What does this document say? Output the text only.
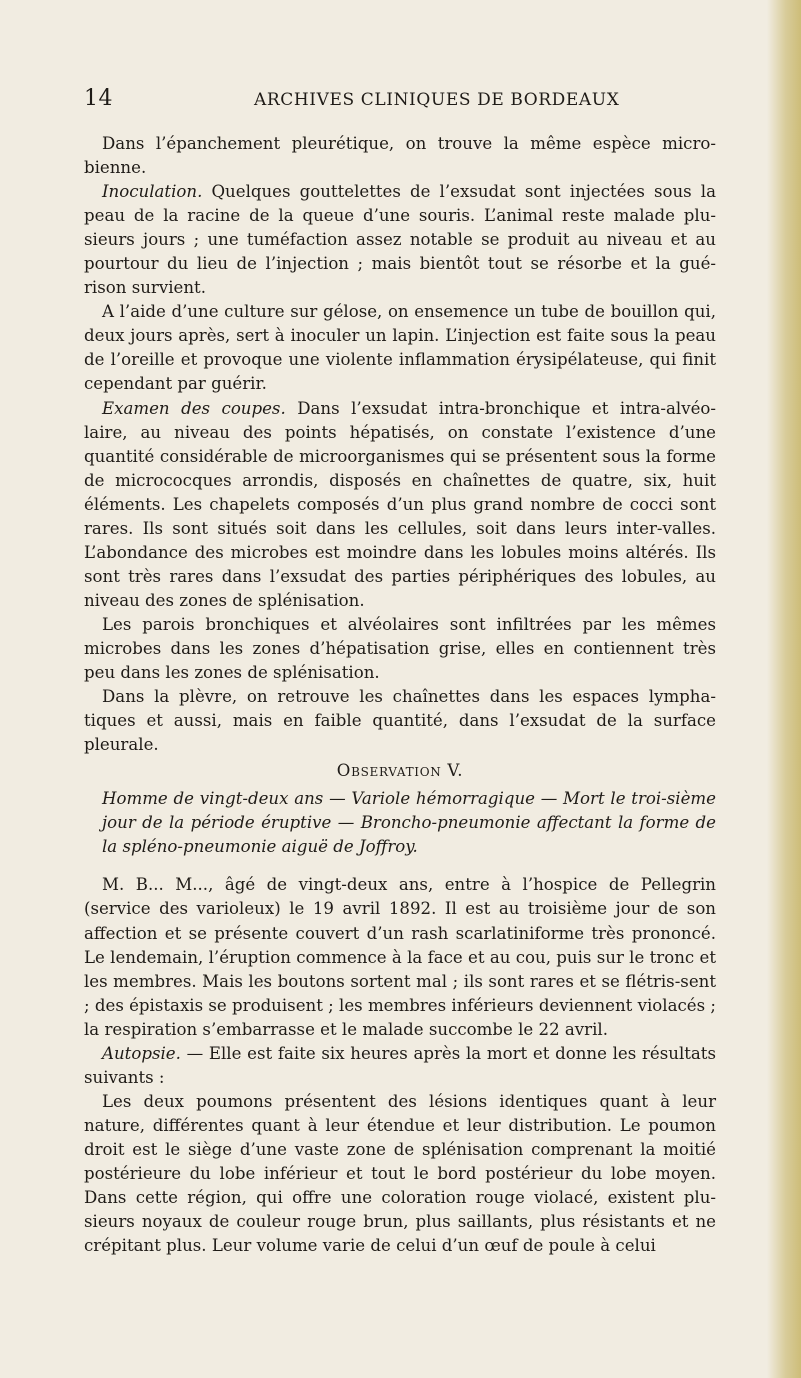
14	ARCHIVES CLINIQUES DE BORDEAUX

Dans l’épanchement pleurétique, on trouve la même espèce micro-bienne.

Inoculation. Quelques gouttelettes de l’exsudat sont injectées sous la peau de la racine de la queue d’une souris. L’animal reste malade plu-sieurs jours ; une tuméfaction assez notable se produit au niveau et au pourtour du lieu de l’injection ; mais bientôt tout se résorbe et la gué-rison survient.

A l’aide d’une culture sur gélose, on ensemence un tube de bouillon qui, deux jours après, sert à inoculer un lapin. L’injection est faite sous la peau de l’oreille et provoque une violente inflammation érysipélateuse, qui finit cependant par guérir.

Examen des coupes. Dans l’exsudat intra-bronchique et intra-alvéo-laire, au niveau des points hépatisés, on constate l’existence d’une quantité considérable de microorganismes qui se présentent sous la forme de micrococques arrondis, disposés en chaînettes de quatre, six, huit éléments. Les chapelets composés d’un plus grand nombre de cocci sont rares. Ils sont situés soit dans les cellules, soit dans leurs inter-valles. L’abondance des microbes est moindre dans les lobules moins altérés. Ils sont très rares dans l’exsudat des parties périphériques des lobules, au niveau des zones de splénisation.

Les parois bronchiques et alvéolaires sont infiltrées par les mêmes microbes dans les zones d’hépatisation grise, elles en contiennent très peu dans les zones de splénisation.

Dans la plèvre, on retrouve les chaînettes dans les espaces lympha-tiques et aussi, mais en faible quantité, dans l’exsudat de la surface pleurale.

Observation V.

Homme de vingt-deux ans — Variole hémorragique — Mort le troi-sième jour de la période éruptive — Broncho-pneumonie affectant la forme de la spléno-pneumonie aiguë de Joffroy.

M. B... M..., âgé de vingt-deux ans, entre à l’hospice de Pellegrin (service des varioleux) le 19 avril 1892. Il est au troisième jour de son affection et se présente couvert d’un rash scarlatiniforme très prononcé. Le lendemain, l’éruption commence à la face et au cou, puis sur le tronc et les membres. Mais les boutons sortent mal ; ils sont rares et se flétris-sent ; des épistaxis se produisent ; les membres inférieurs deviennent violacés ; la respiration s’embarrasse et le malade succombe le 22 avril.

Autopsie. — Elle est faite six heures après la mort et donne les résultats suivants :

Les deux poumons présentent des lésions identiques quant à leur nature, différentes quant à leur étendue et leur distribution. Le poumon droit est le siège d’une vaste zone de splénisation comprenant la moitié postérieure du lobe inférieur et tout le bord postérieur du lobe moyen. Dans cette région, qui offre une coloration rouge violacé, existent plu-sieurs noyaux de couleur rouge brun, plus saillants, plus résistants et ne crépitant plus. Leur volume varie de celui d’un œuf de poule à celui
